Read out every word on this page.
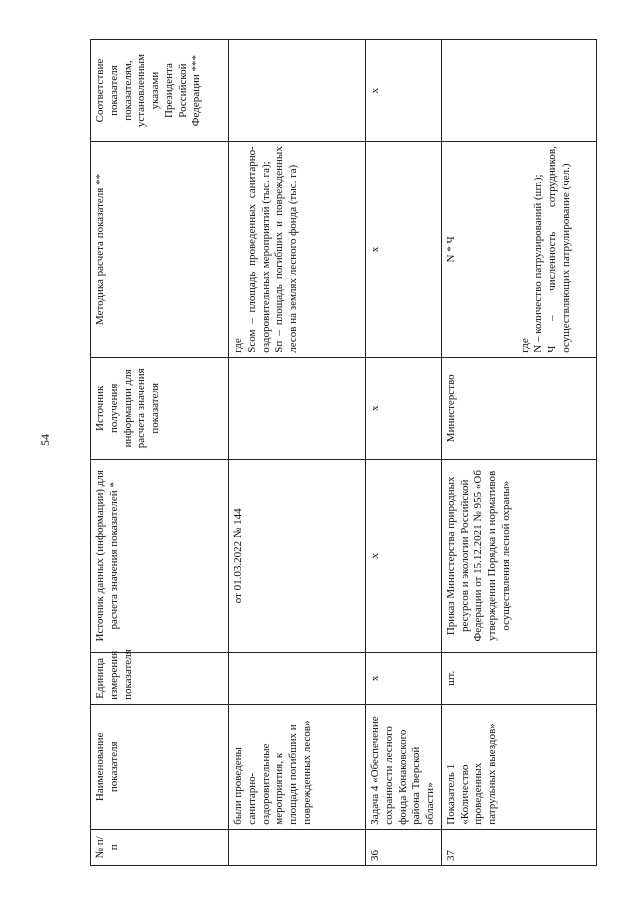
54
№ п/п	Наименование показателя	Единица измерения показателя	Источник данных (информации) для расчета значения показателей *	Источник получения информации для расчета значения показателя	Методика расчета показателя **	Соответствие показателя показателям, установленным указами Президента Российской Федерации ***
	были проведены санитарно-оздоровительные мероприятия, к площади погибших и поврежденных лесов»		от 01.03.2022 № 144		где Sсом – площадь проведенных санитарно-оздоровительных мероприятий (тыс. га);
Sп – площадь погибших и поврежденных лесов на землях лесного фонда (тыс. га)	

36	Задача 4 «Обеспечение сохранности лесного фонда Конаковского района Тверской области»	х	х	х	х	х
37	Показатель 1 «Количество проведенных патрульных выездов»	шт.	Приказ Министерства природных ресурсов и экологии Российской Федерации от 15.12.2021 № 955 «Об утверждении Порядка и нормативов осуществления лесной охраны»	Министерство	N * Ч
где N – количество патрулирований (шт.);
Ч – численность сотрудников, осуществляющих патрулирование (чел.)	
